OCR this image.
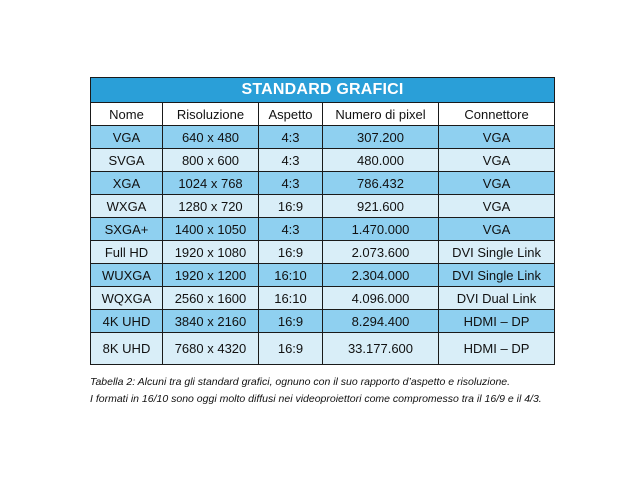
STANDARD GRAFICI				
Nome	Risoluzione	Aspetto	Numero di pixel	Connettore
VGA	640 x 480	4:3	307.200	VGA
SVGA	800 x 600	4:3	480.000	VGA
XGA	1024 x 768	4:3	786.432	VGA
WXGA	1280 x 720	16:9	921.600	VGA
SXGA+	1400 x 1050	4:3	1.470.000	VGA
Full HD	1920 x 1080	16:9	2.073.600	DVI Single Link
WUXGA	1920 x 1200	16:10	2.304.000	DVI Single Link
WQXGA	2560 x 1600	16:10	4.096.000	DVI Dual Link
4K UHD	3840 x 2160	16:9	8.294.400	HDMI – DP
8K UHD	7680 x 4320	16:9	33.177.600	HDMI – DP

Tabella 2: Alcuni tra gli standard grafici, ognuno con il suo rapporto d’aspetto e risoluzione.

I formati in 16/10 sono oggi molto diffusi nei videoproiettori come compromesso tra il 16/9 e il 4/3.
